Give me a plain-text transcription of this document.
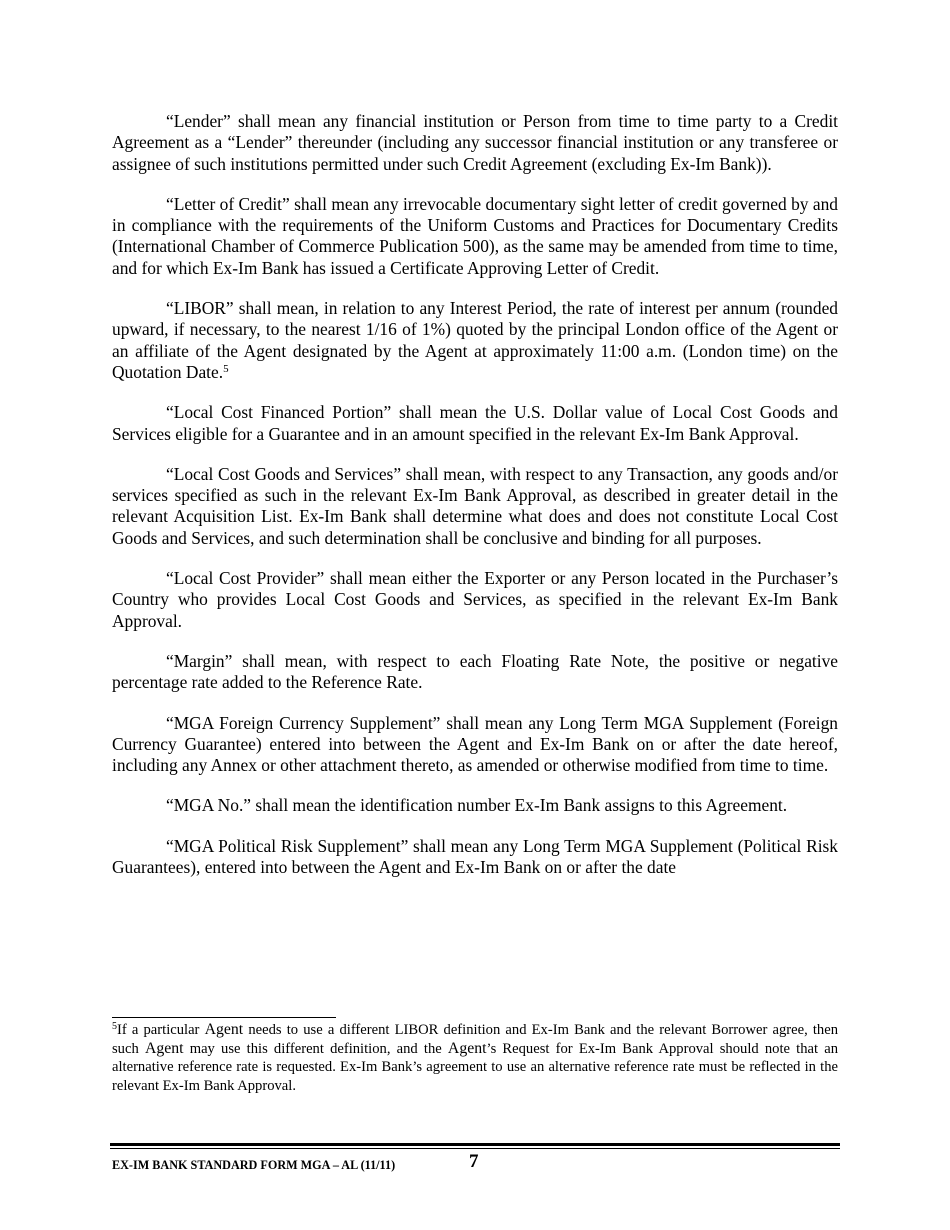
“Lender” shall mean any financial institution or Person from time to time party to a Credit Agreement as a “Lender” thereunder (including any successor financial institution or any transferee or assignee of such institutions permitted under such Credit Agreement (excluding Ex-Im Bank)).

“Letter of Credit” shall mean any irrevocable documentary sight letter of credit governed by and in compliance with the requirements of the Uniform Customs and Practices for Documentary Credits (International Chamber of Commerce Publication 500), as the same may be amended from time to time, and for which Ex-Im Bank has issued a Certificate Approving Letter of Credit.

“LIBOR” shall mean, in relation to any Interest Period, the rate of interest per annum (rounded upward, if necessary, to the nearest 1/16 of 1%) quoted by the principal London office of the Agent or an affiliate of the Agent designated by the Agent at approximately 11:00 a.m. (London time) on the Quotation Date.$^5$

“Local Cost Financed Portion” shall mean the U.S. Dollar value of Local Cost Goods and Services eligible for a Guarantee and in an amount specified in the relevant Ex-Im Bank Approval.

“Local Cost Goods and Services” shall mean, with respect to any Transaction, any goods and/or services specified as such in the relevant Ex-Im Bank Approval, as described in greater detail in the relevant Acquisition List. Ex-Im Bank shall determine what does and does not constitute Local Cost Goods and Services, and such determination shall be conclusive and binding for all purposes.

“Local Cost Provider” shall mean either the Exporter or any Person located in the Purchaser’s Country who provides Local Cost Goods and Services, as specified in the relevant Ex-Im Bank Approval.

“Margin” shall mean, with respect to each Floating Rate Note, the positive or negative percentage rate added to the Reference Rate.

“MGA Foreign Currency Supplement” shall mean any Long Term MGA Supplement (Foreign Currency Guarantee) entered into between the Agent and Ex-Im Bank on or after the date hereof, including any Annex or other attachment thereto, as amended or otherwise modified from time to time.

“MGA No.” shall mean the identification number Ex-Im Bank assigns to this Agreement.

“MGA Political Risk Supplement” shall mean any Long Term MGA Supplement (Political Risk Guarantees), entered into between the Agent and Ex-Im Bank on or after the date

$^5$If a particular Agent needs to use a different LIBOR definition and Ex-Im Bank and the relevant Borrower agree, then such Agent may use this different definition, and the Agent’s Request for Ex-Im Bank Approval should note that an alternative reference rate is requested. Ex-Im Bank’s agreement to use an alternative reference rate must be reflected in the relevant Ex-Im Bank Approval.
EX-IM BANK STANDARD FORM MGA – AL (11/11)	7
